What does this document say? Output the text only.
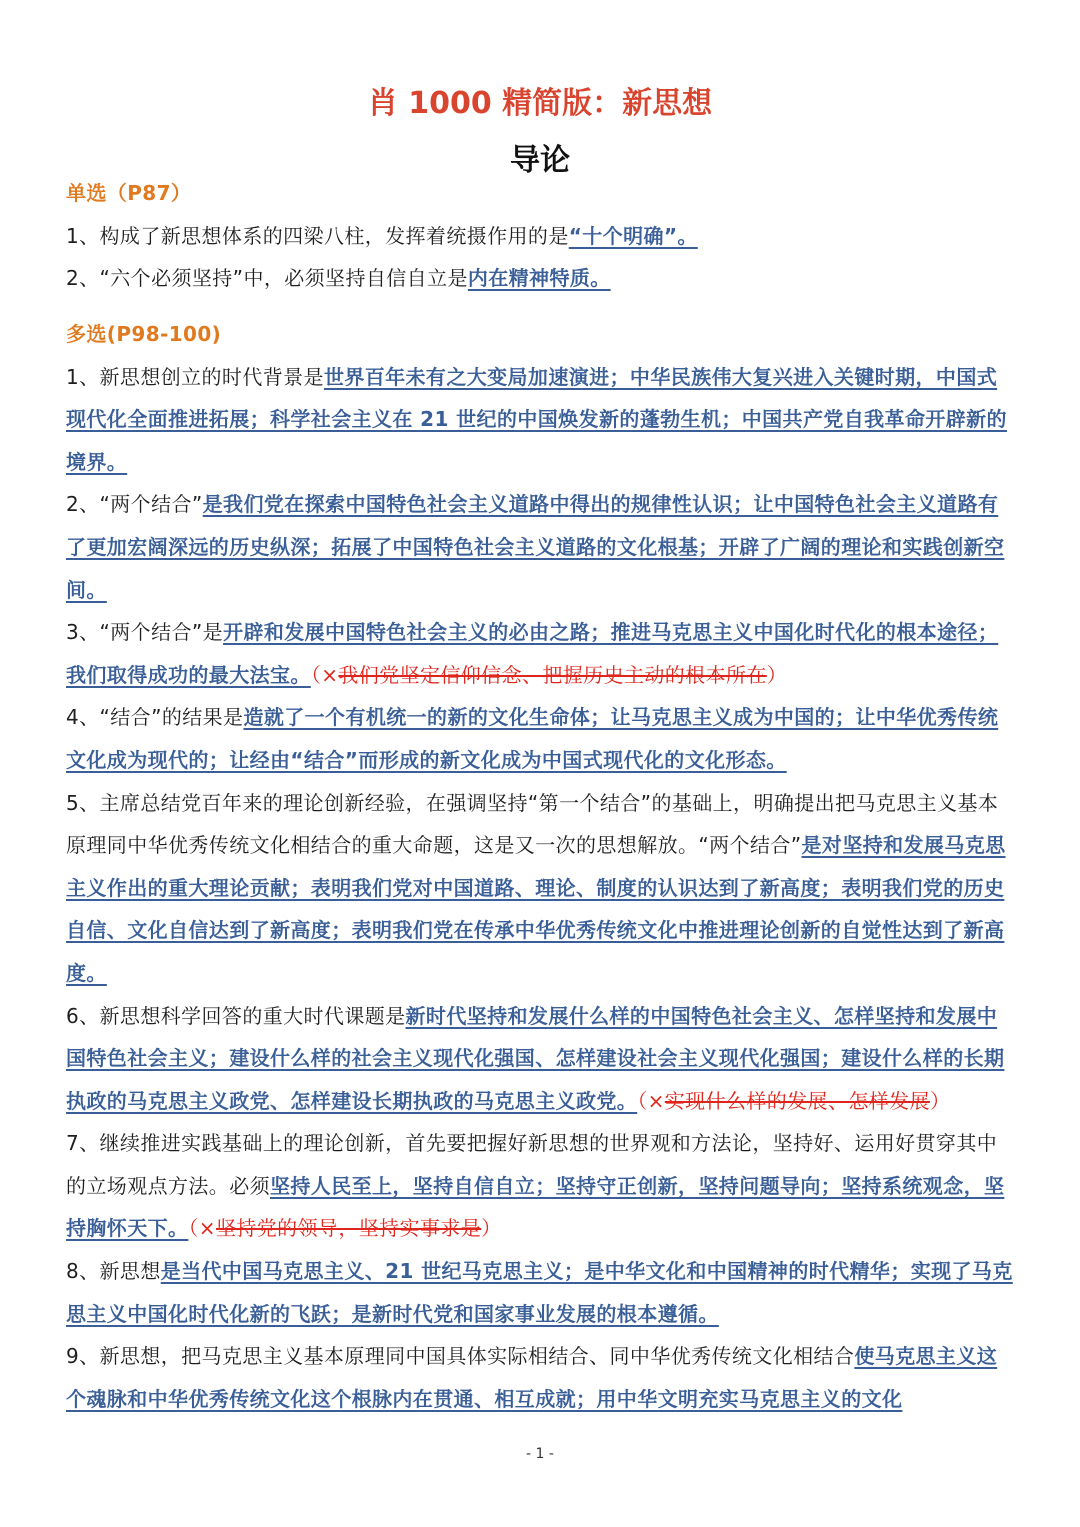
肖 1000 精简版：新思想
导论
单选（P87）

1、构成了新思想体系的四梁八柱，发挥着统摄作用的是“十个明确”。

2、“六个必须坚持”中，必须坚持自信自立是内在精神特质。

多选(P98-100)

1、新思想创立的时代背景是世界百年未有之大变局加速演进；中华民族伟大复兴进入关键时期，中国式现代化全面推进拓展；科学社会主义在 21 世纪的中国焕发新的蓬勃生机；中国共产党自我革命开辟新的境界。

2、“两个结合”是我们党在探索中国特色社会主义道路中得出的规律性认识；让中国特色社会主义道路有了更加宏阔深远的历史纵深；拓展了中国特色社会主义道路的文化根基；开辟了广阔的理论和实践创新空间。

3、“两个结合”是开辟和发展中国特色社会主义的必由之路；推进马克思主义中国化时代化的根本途径；我们取得成功的最大法宝。（×我们党坚定信仰信念、把握历史主动的根本所在）

4、“结合”的结果是造就了一个有机统一的新的文化生命体；让马克思主义成为中国的；让中华优秀传统文化成为现代的；让经由“结合”而形成的新文化成为中国式现代化的文化形态。

5、主席总结党百年来的理论创新经验，在强调坚持“第一个结合”的基础上，明确提出把马克思主义基本原理同中华优秀传统文化相结合的重大命题，这是又一次的思想解放。“两个结合”是对坚持和发展马克思主义作出的重大理论贡献；表明我们党对中国道路、理论、制度的认识达到了新高度；表明我们党的历史自信、文化自信达到了新高度；表明我们党在传承中华优秀传统文化中推进理论创新的自觉性达到了新高度。

6、新思想科学回答的重大时代课题是新时代坚持和发展什么样的中国特色社会主义、怎样坚持和发展中国特色社会主义；建设什么样的社会主义现代化强国、怎样建设社会主义现代化强国；建设什么样的长期执政的马克思主义政党、怎样建设长期执政的马克思主义政党。（×实现什么样的发展、怎样发展）

7、继续推进实践基础上的理论创新，首先要把握好新思想的世界观和方法论，坚持好、运用好贯穿其中的立场观点方法。必须坚持人民至上，坚持自信自立；坚持守正创新，坚持问题导向；坚持系统观念，坚持胸怀天下。（×坚持党的领导，坚持实事求是）

8、新思想是当代中国马克思主义、21 世纪马克思主义；是中华文化和中国精神的时代精华；实现了马克思主义中国化时代化新的飞跃；是新时代党和国家事业发展的根本遵循。

9、新思想，把马克思主义基本原理同中国具体实际相结合、同中华优秀传统文化相结合使马克思主义这个魂脉和中华优秀传统文化这个根脉内在贯通、相互成就；用中华文明充实马克思主义的文化

- 1 -
